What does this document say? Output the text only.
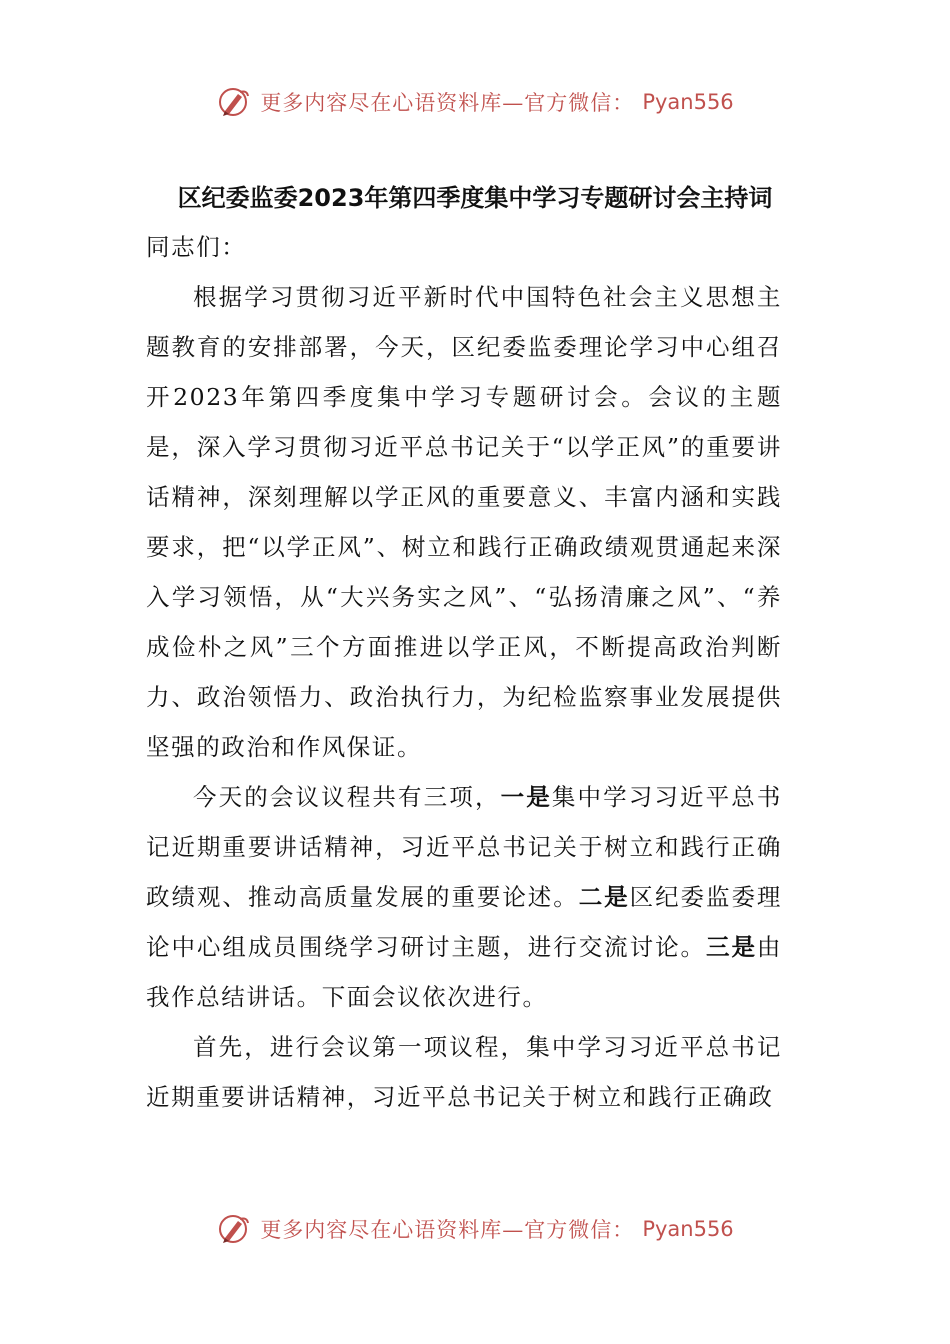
更多内容尽在心语资料库—官方微信： Pyan556
区纪委监委2023年第四季度集中学习专题研讨会主持词

同志们：

根据学习贯彻习近平新时代中国特色社会主义思想主题教育的安排部署，今天，区纪委监委理论学习中心组召开2023年第四季度集中学习专题研讨会。会议的主题是，深入学习贯彻习近平总书记关于“以学正风”的重要讲话精神，深刻理解以学正风的重要意义、丰富内涵和实践要求，把“以学正风”、树立和践行正确政绩观贯通起来深入学习领悟，从“大兴务实之风”、“弘扬清廉之风”、“养成俭朴之风”三个方面推进以学正风，不断提高政治判断力、政治领悟力、政治执行力，为纪检监察事业发展提供坚强的政治和作风保证。

今天的会议议程共有三项，一是集中学习习近平总书记近期重要讲话精神，习近平总书记关于树立和践行正确政绩观、推动高质量发展的重要论述。二是区纪委监委理论中心组成员围绕学习研讨主题，进行交流讨论。三是由我作总结讲话。下面会议依次进行。

首先，进行会议第一项议程，集中学习习近平总书记近期重要讲话精神，习近平总书记关于树立和践行正确政

更多内容尽在心语资料库—官方微信： Pyan556
